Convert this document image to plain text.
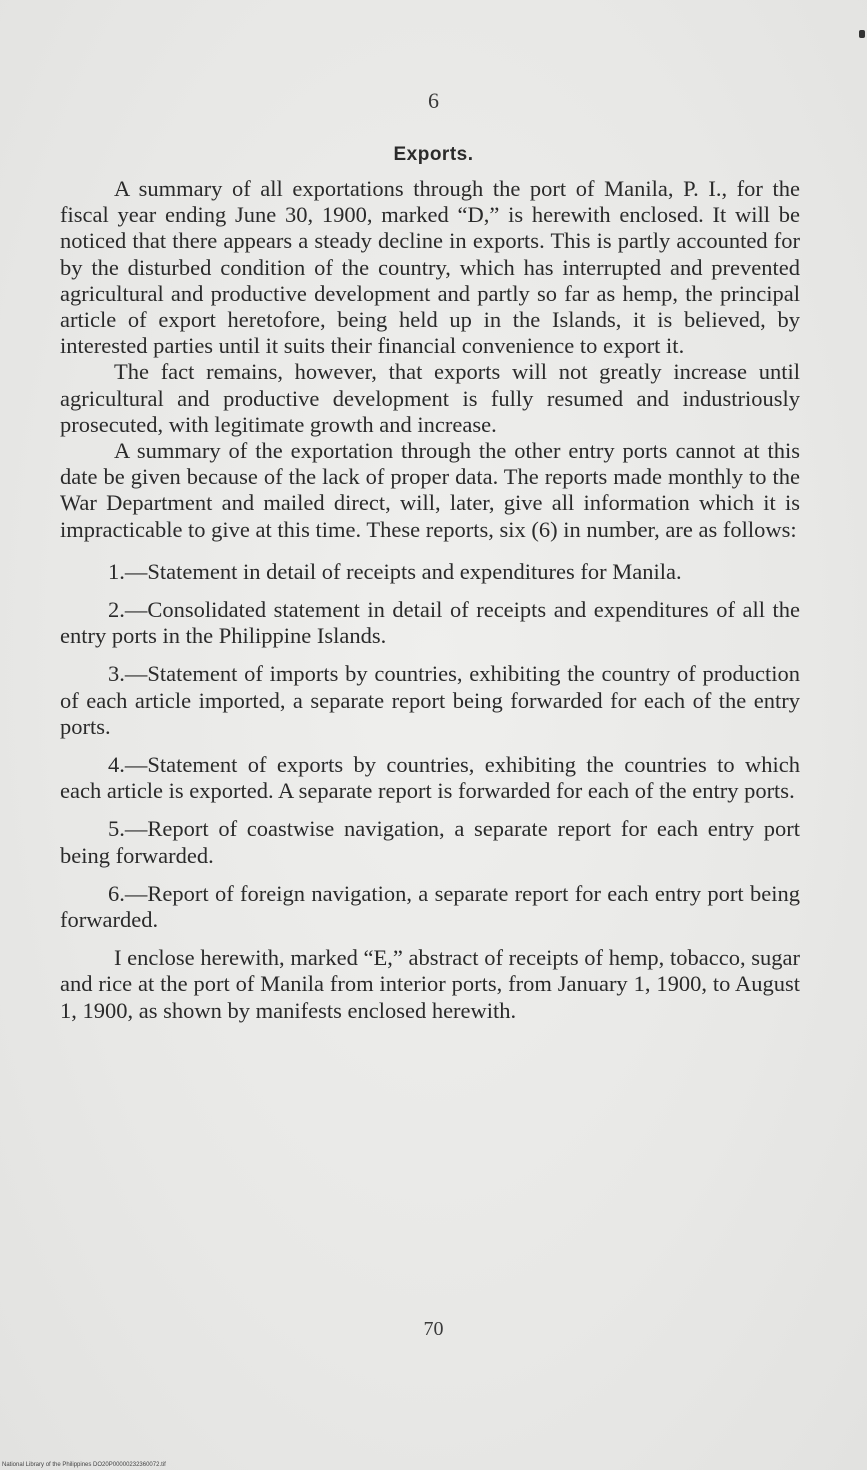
6
Exports.

A summary of all exportations through the port of Manila, P. I., for the fiscal year ending June 30, 1900, marked “D,” is herewith enclosed. It will be noticed that there appears a steady decline in exports. This is partly accounted for by the disturbed condition of the country, which has interrupted and prevented agricultural and productive development and partly so far as hemp, the principal article of export heretofore, being held up in the Islands, it is believed, by interested parties until it suits their financial convenience to export it.

The fact remains, however, that exports will not greatly increase until agricultural and productive development is fully resumed and industriously prosecuted, with legitimate growth and increase.

A summary of the exportation through the other entry ports cannot at this date be given because of the lack of proper data. The reports made monthly to the War Department and mailed direct, will, later, give all information which it is impracticable to give at this time. These reports, six (6) in number, are as follows:

1.—Statement in detail of receipts and expenditures for Manila.

2.—Consolidated statement in detail of receipts and expenditures of all the entry ports in the Philippine Islands.

3.—Statement of imports by countries, exhibiting the country of production of each article imported, a separate report being forwarded for each of the entry ports.

4.—Statement of exports by countries, exhibiting the countries to which each article is exported. A separate report is forwarded for each of the entry ports.

5.—Report of coastwise navigation, a separate report for each entry port being forwarded.

6.—Report of foreign navigation, a separate report for each entry port being forwarded.

I enclose herewith, marked “E,” abstract of receipts of hemp, tobacco, sugar and rice at the port of Manila from interior ports, from January 1, 1900, to August 1, 1900, as shown by manifests enclosed herewith.

70
National Library of the Philippines DO20P00000232360072.tif
